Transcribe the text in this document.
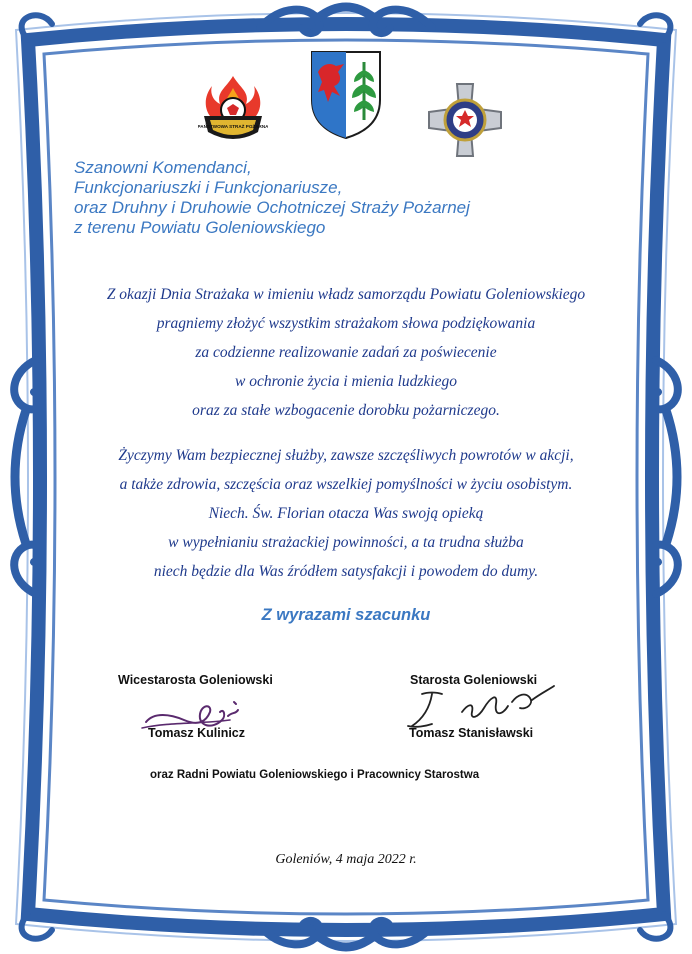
PAŃSTWOWA STRAŻ POŻARNA
Szanowni Komendanci,
Funkcjonariuszki i Funkcjonariusze,
oraz Druhny i Druhowie Ochotniczej Straży Pożarnej
z terenu Powiatu Goleniowskiego
Z okazji Dnia Strażaka w imieniu władz samorządu Powiatu Goleniowskiego
pragniemy złożyć wszystkim strażakom słowa podziękowania
za codzienne realizowanie zadań za poświecenie
w ochronie życia i mienia ludzkiego
oraz za stałe wzbogacenie dorobku pożarniczego.
Życzymy Wam bezpiecznej służby, zawsze szczęśliwych powrotów w akcji,
a także zdrowia, szczęścia oraz wszelkiej pomyślności w życiu osobistym.
Niech. Św. Florian otacza Was swoją opieką
w wypełnianiu strażackiej powinności, a ta trudna służba
niech będzie dla Was źródłem satysfakcji i powodem do dumy.
Z wyrazami szacunku
Wicestarosta Goleniowski
Tomasz Kulinicz
Starosta Goleniowski
Tomasz Stanisławski
oraz Radni Powiatu Goleniowskiego i Pracownicy Starostwa
Goleniów, 4 maja 2022 r.
